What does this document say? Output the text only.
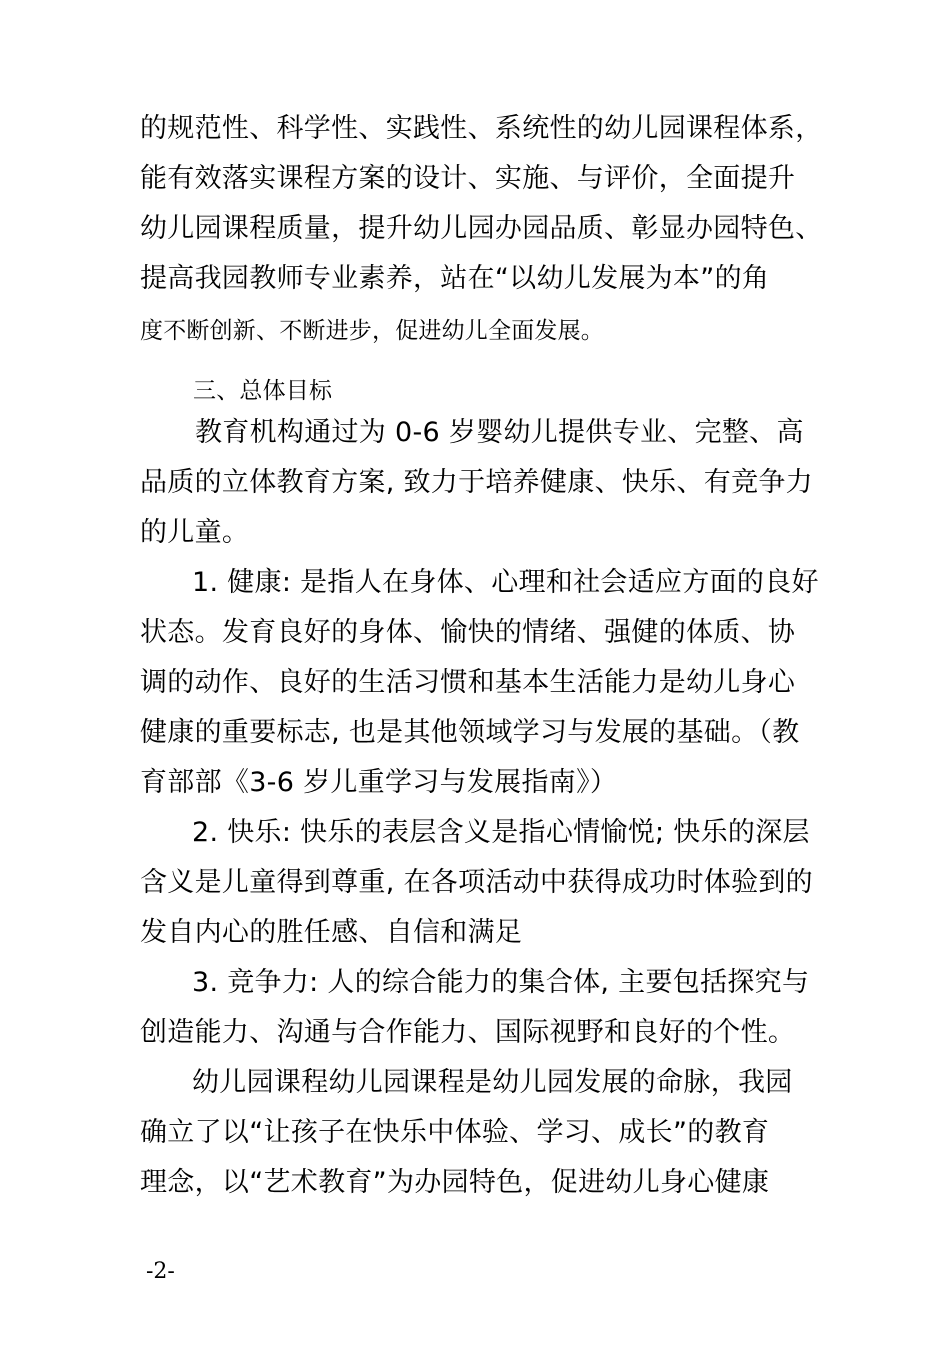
的规范性、科学性、实践性、系统性的幼儿园课程体系，
能有效落实课程方案的设计、实施、与评价，全面提升
幼儿园课程质量，提升幼儿园办园品质、彰显办园特色、
提高我园教师专业素养，站在“以幼儿发展为本”的角
度不断创新、不断进步，促进幼儿全面发展。
三、总体目标
教育机构通过为 0-6 岁婴幼儿提供专业、完整、高
品质的立体教育方案, 致力于培养健康、快乐、有竞争力
的儿童。
1. 健康: 是指人在身体、心理和社会适应方面的良好
状态。发育良好的身体、愉快的情绪、强健的体质、协
调的动作、良好的生活习惯和基本生活能力是幼儿身心
健康的重要标志, 也是其他领域学习与发展的基础。（教
育部部《3-6 岁儿重学习与发展指南》）
2. 快乐: 快乐的表层含义是指心情愉悦; 快乐的深层
含义是儿童得到尊重, 在各项活动中获得成功时体验到的
发自内心的胜任感、自信和满足
3. 竞争力: 人的综合能力的集合体, 主要包括探究与
创造能力、沟通与合作能力、国际视野和良好的个性。
幼儿园课程幼儿园课程是幼儿园发展的命脉，我园
确立了以“让孩子在快乐中体验、学习、成长”的教育
理念，以“艺术教育”为办园特色，促进幼儿身心健康
-2-
